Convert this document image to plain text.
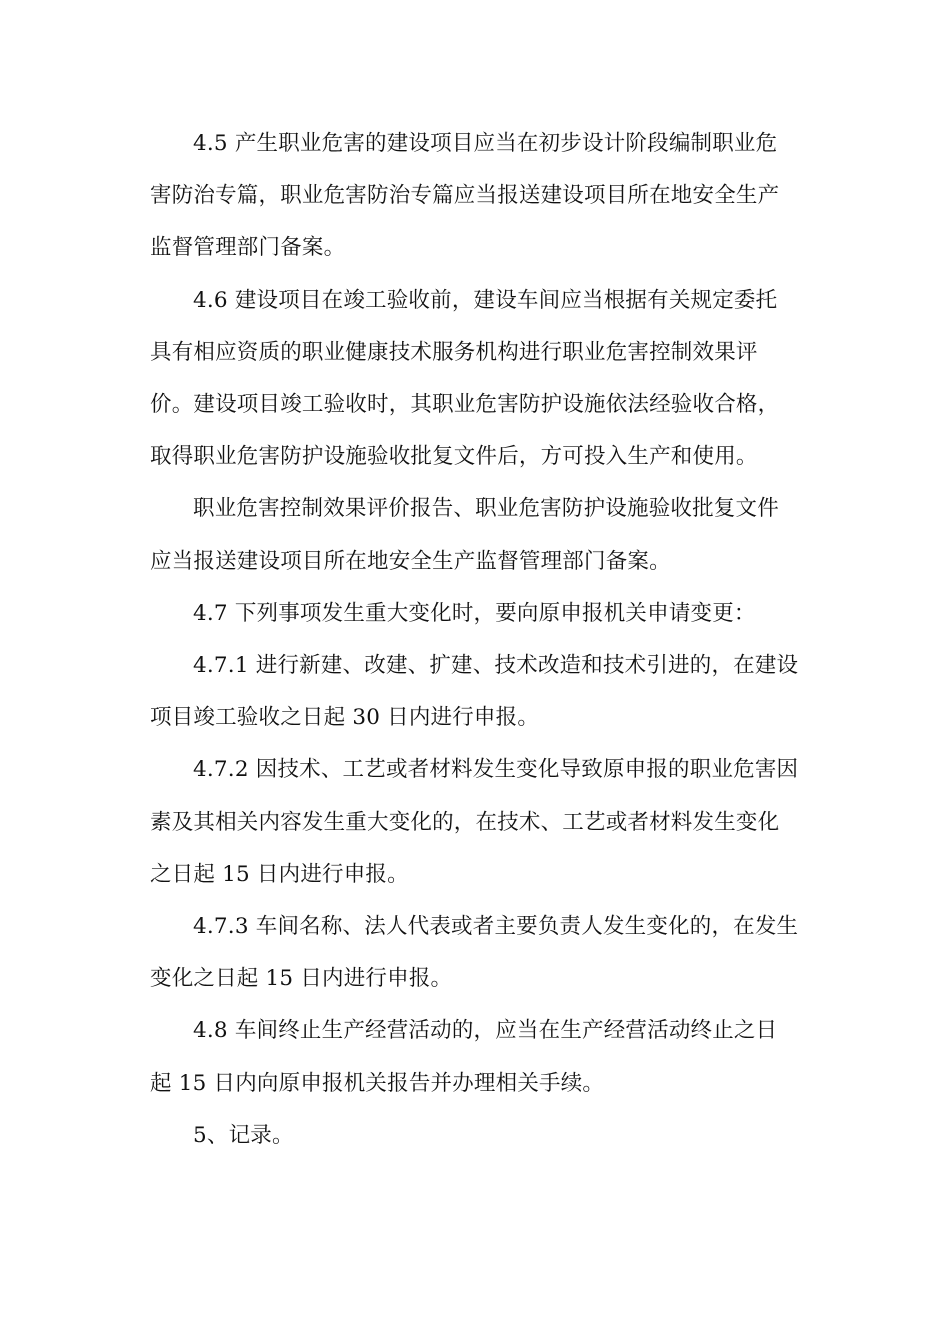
4.5 产生职业危害的建设项目应当在初步设计阶段编制职业危
害防治专篇，职业危害防治专篇应当报送建设项目所在地安全生产
监督管理部门备案。

4.6 建设项目在竣工验收前，建设车间应当根据有关规定委托
具有相应资质的职业健康技术服务机构进行职业危害控制效果评
价。建设项目竣工验收时，其职业危害防护设施依法经验收合格，
取得职业危害防护设施验收批复文件后，方可投入生产和使用。

职业危害控制效果评价报告、职业危害防护设施验收批复文件
应当报送建设项目所在地安全生产监督管理部门备案。

4.7 下列事项发生重大变化时，要向原申报机关申请变更：

4.7.1 进行新建、改建、扩建、技术改造和技术引进的，在建设
项目竣工验收之日起 30 日内进行申报。

4.7.2 因技术、工艺或者材料发生变化导致原申报的职业危害因
素及其相关内容发生重大变化的，在技术、工艺或者材料发生变化
之日起 15 日内进行申报。

4.7.3 车间名称、法人代表或者主要负责人发生变化的，在发生
变化之日起 15 日内进行申报。

4.8 车间终止生产经营活动的，应当在生产经营活动终止之日
起 15 日内向原申报机关报告并办理相关手续。

5、记录。
